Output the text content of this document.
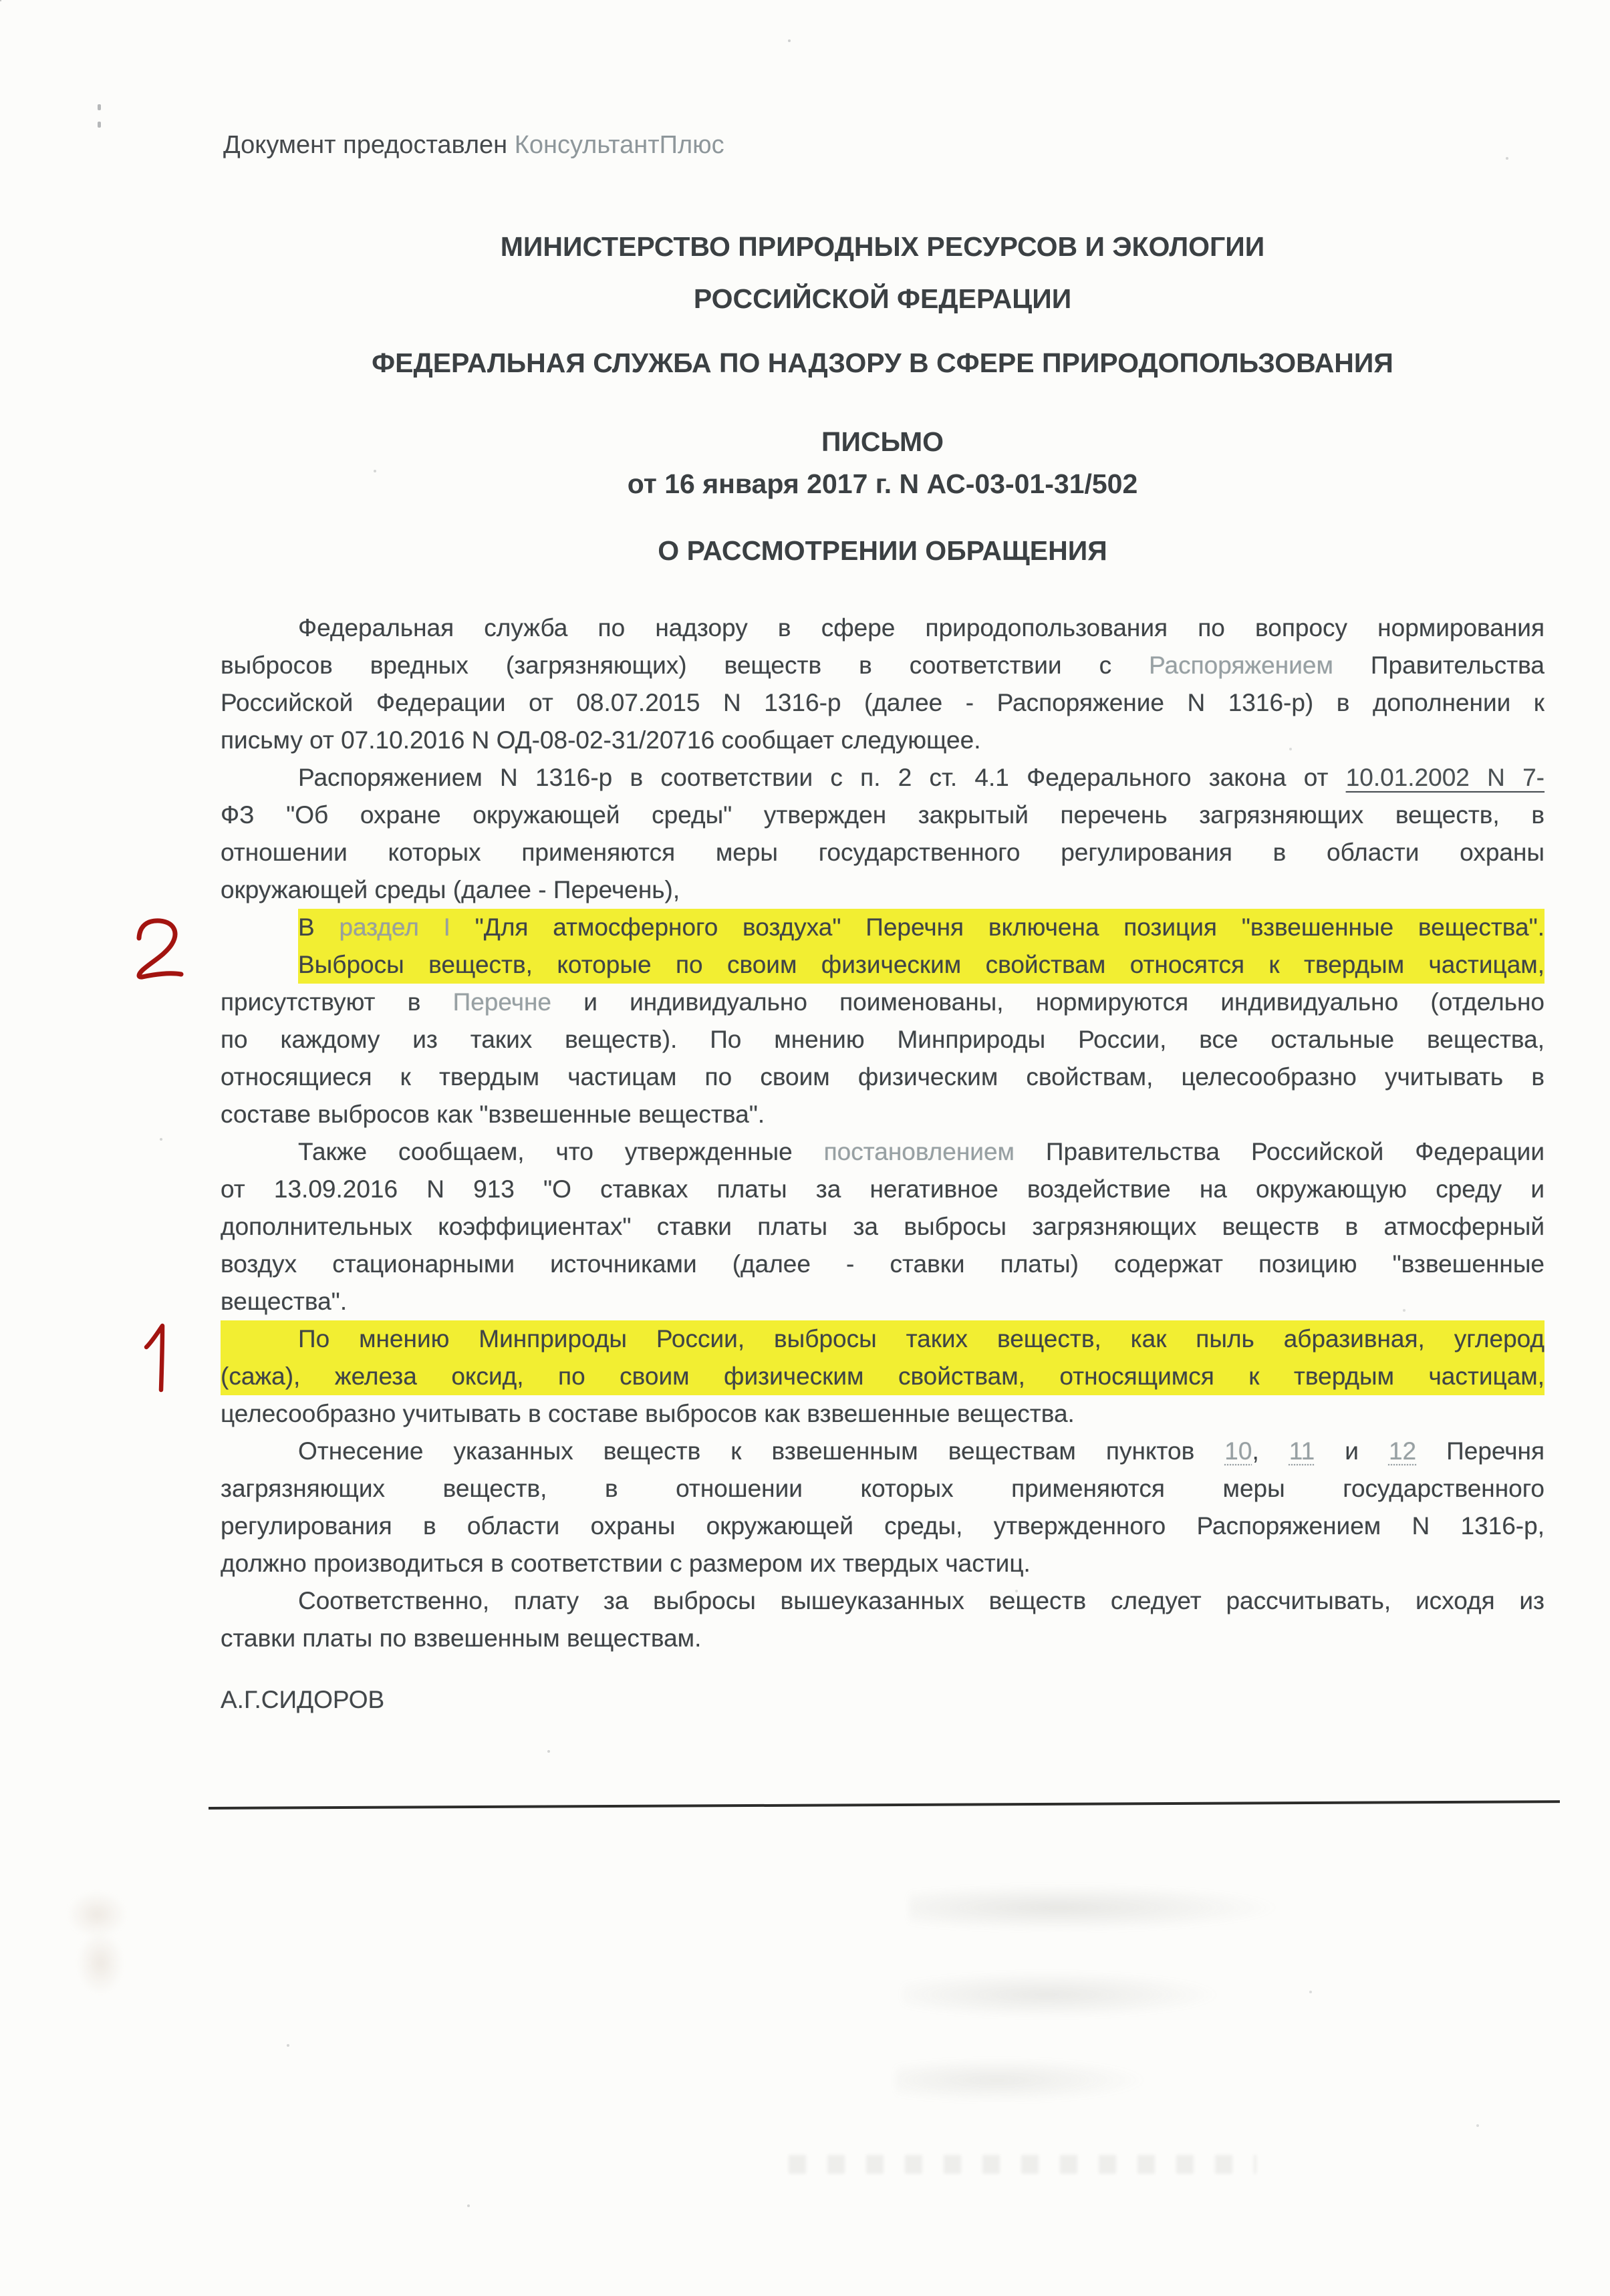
Документ предоставлен КонсультантПлюс
МИНИСТЕРСТВО ПРИРОДНЫХ РЕСУРСОВ И ЭКОЛОГИИ
РОССИЙСКОЙ ФЕДЕРАЦИИ
ФЕДЕРАЛЬНАЯ СЛУЖБА ПО НАДЗОРУ В СФЕРЕ ПРИРОДОПОЛЬЗОВАНИЯ
ПИСЬМО
от 16 января 2017 г. N АС-03-01-31/502
О РАССМОТРЕНИИ ОБРАЩЕНИЯ
Федеральная служба по надзору в сфере природопользования по вопросу нормирования
выбросов вредных (загрязняющих) веществ в соответствии с Распоряжением Правительства
Российской Федерации от 08.07.2015 N 1316-р (далее - Распоряжение N 1316-р) в дополнении к
письму от 07.10.2016 N ОД-08-02-31/20716 сообщает следующее.
Распоряжением N 1316-р в соответствии с п. 2 ст. 4.1 Федерального закона от 10.01.2002 N 7-
ФЗ "Об охране окружающей среды" утвержден закрытый перечень загрязняющих веществ, в
отношении которых применяются меры государственного регулирования в области охраны
окружающей среды (далее - Перечень),
В раздел I "Для атмосферного воздуха" Перечня включена позиция "взвешенные вещества".
Выбросы веществ, которые по своим физическим свойствам относятся к твердым частицам,
присутствуют в Перечне и индивидуально поименованы, нормируются индивидуально (отдельно
по каждому из таких веществ). По мнению Минприроды России, все остальные вещества,
относящиеся к твердым частицам по своим физическим свойствам, целесообразно учитывать в
составе выбросов как "взвешенные вещества".
Также сообщаем, что утвержденные постановлением Правительства Российской Федерации
от 13.09.2016 N 913 "О ставках платы за негативное воздействие на окружающую среду и
дополнительных коэффициентах" ставки платы за выбросы загрязняющих веществ в атмосферный
воздух стационарными источниками (далее - ставки платы) содержат позицию "взвешенные
вещества".
По мнению Минприроды России, выбросы таких веществ, как пыль абразивная, углерод
(сажа), железа оксид, по своим физическим свойствам, относящимся к твердым частицам,
целесообразно учитывать в составе выбросов как взвешенные вещества.
Отнесение указанных веществ к взвешенным веществам пунктов 10, 11 и 12 Перечня
загрязняющих веществ, в отношении которых применяются меры государственного
регулирования в области охраны окружающей среды, утвержденного Распоряжением N 1316-р,
должно производиться в соответствии с размером их твердых частиц.
Соответственно, плату за выбросы вышеуказанных веществ следует рассчитывать, исходя из
ставки платы по взвешенным веществам.
А.Г.СИДОРОВ
